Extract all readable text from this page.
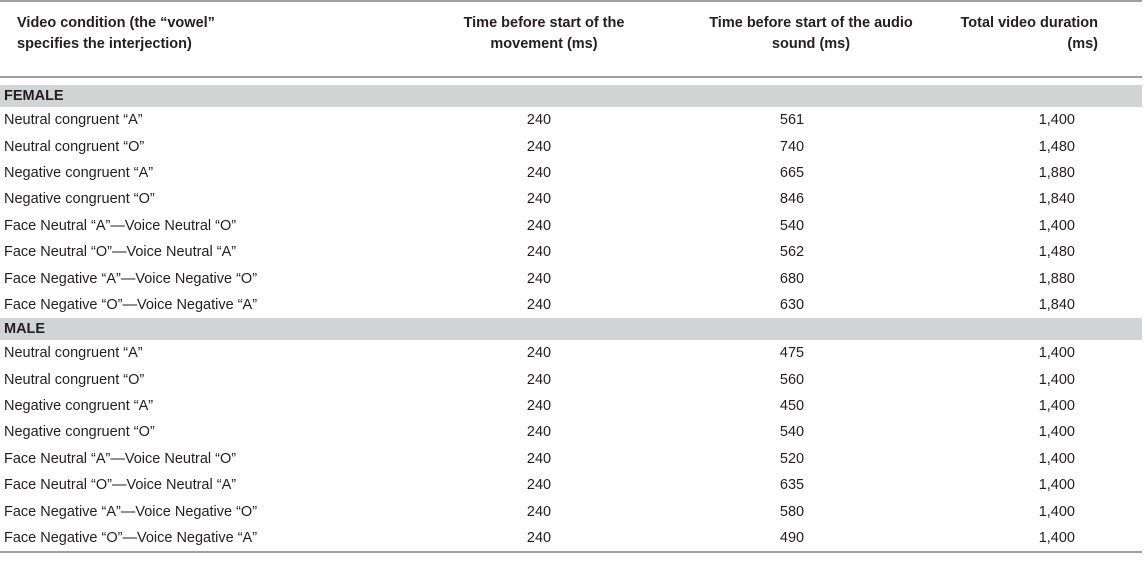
Video condition (the “vowel” specifies the interjection)	Time before start of the movement (ms)	Time before start of the audio sound (ms)	Total video duration (ms)

FEMALE			
Neutral congruent “A”	240	561	1,400
Neutral congruent “O”	240	740	1,480
Negative congruent “A”	240	665	1,880
Negative congruent “O”	240	846	1,840
Face Neutral “A”—Voice Neutral “O”	240	540	1,400
Face Neutral “O”—Voice Neutral “A”	240	562	1,480
Face Negative “A”—Voice Negative “O”	240	680	1,880
Face Negative “O”—Voice Negative “A”	240	630	1,840
MALE			
Neutral congruent “A”	240	475	1,400
Neutral congruent “O”	240	560	1,400
Negative congruent “A”	240	450	1,400
Negative congruent “O”	240	540	1,400
Face Neutral “A”—Voice Neutral “O”	240	520	1,400
Face Neutral “O”—Voice Neutral “A”	240	635	1,400
Face Negative “A”—Voice Negative “O”	240	580	1,400
Face Negative “O”—Voice Negative “A”	240	490	1,400
